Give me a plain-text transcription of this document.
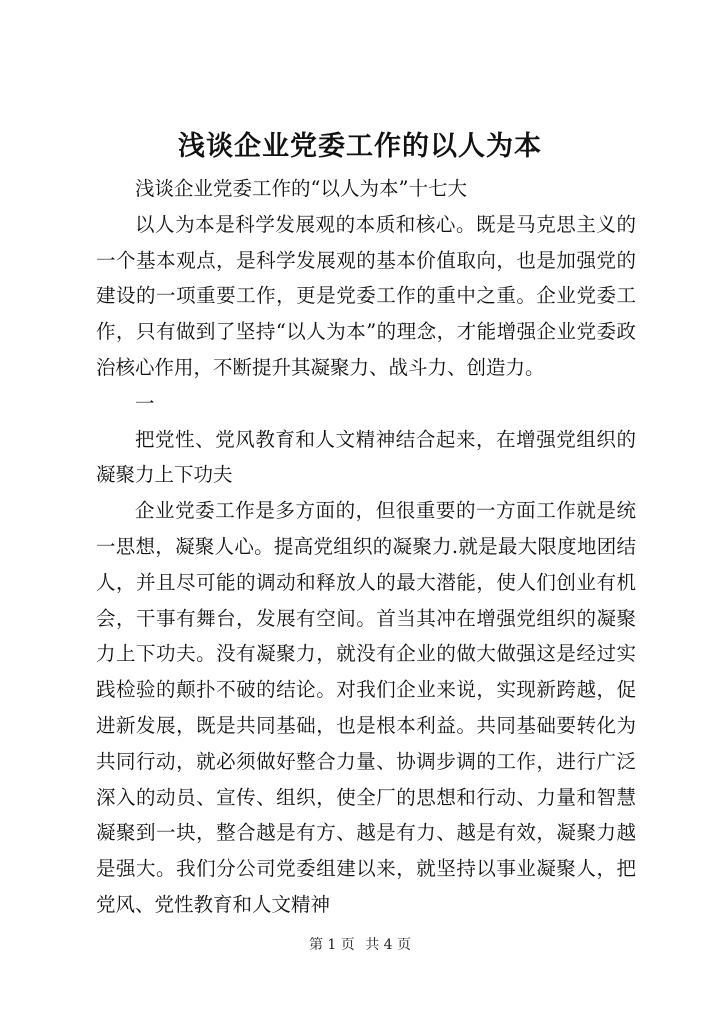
浅谈企业党委工作的以人为本

浅谈企业党委工作的“以人为本”十七大

以人为本是科学发展观的本质和核心。既是马克思主义的一个基本观点，是科学发展观的基本价值取向，也是加强党的建设的一项重要工作，更是党委工作的重中之重。企业党委工作，只有做到了坚持“以人为本”的理念，才能增强企业党委政治核心作用，不断提升其凝聚力、战斗力、创造力。

一

把党性、党风教育和人文精神结合起来，在增强党组织的凝聚力上下功夫

企业党委工作是多方面的，但很重要的一方面工作就是统一思想，凝聚人心。提高党组织的凝聚力.就是最大限度地团结人，并且尽可能的调动和释放人的最大潜能，使人们创业有机会，干事有舞台，发展有空间。首当其冲在增强党组织的凝聚力上下功夫。没有凝聚力，就没有企业的做大做强这是经过实践检验的颠扑不破的结论。对我们企业来说，实现新跨越，促进新发展，既是共同基础，也是根本利益。共同基础要转化为共同行动，就必须做好整合力量、协调步调的工作，进行广泛深入的动员、宣传、组织，使全厂的思想和行动、力量和智慧凝聚到一块，整合越是有方、越是有力、越是有效，凝聚力越是强大。我们分公司党委组建以来，就坚持以事业凝聚人，把党风、党性教育和人文精神

第 1 页 共 4 页
